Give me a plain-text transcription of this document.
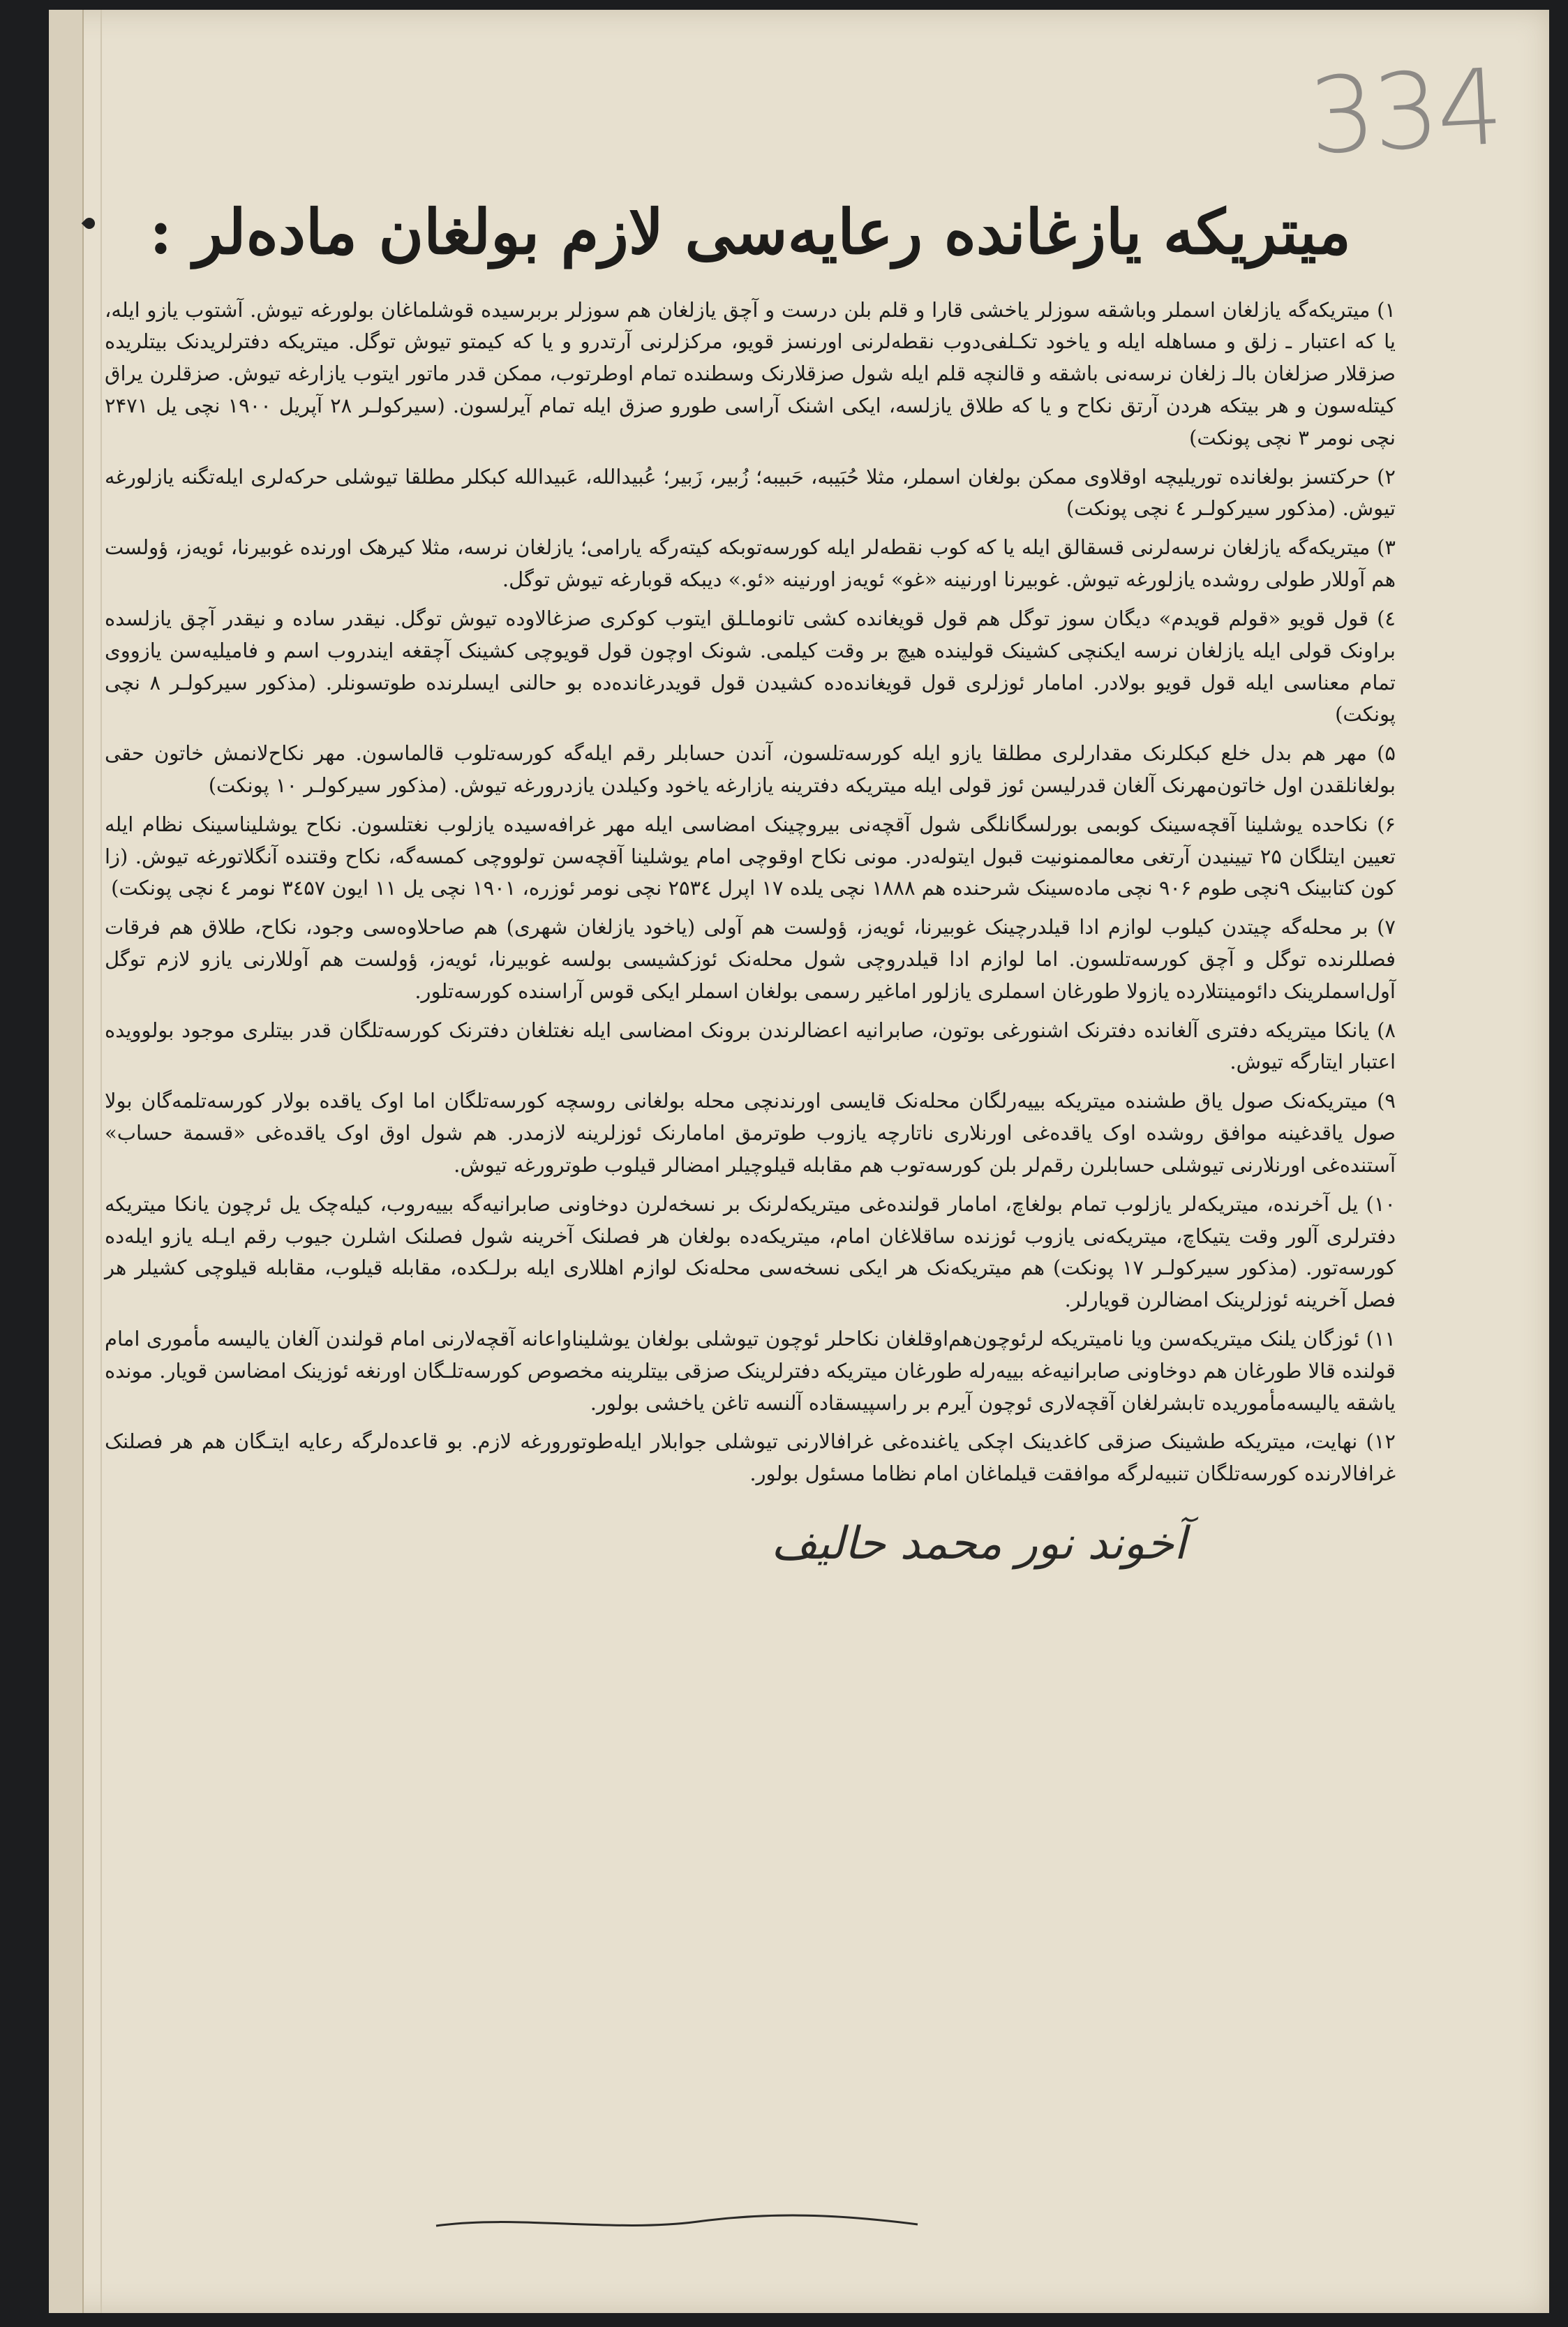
334
میتریکه یازغانده رعایه‌سی لازم بولغان ماده‌لر :

۱) میتریکه‌گه یازلغان اسملر وباشقه سوزلر یاخشی قارا و قلم بلن درست و آچق یازلغان هم سوزلر بربرسیده قوشلماغان بولورغه تیوش. آشتوب یازو ایله، یا که اعتبار ـ زلق و مساهله ایله و یاخود تکـلفی‌دوب نقطه‌لرنی اورنسز قویو، مرکزلرنی آرتدرو و یا که کیمتو تیوش توگل. میتریکه دفترلریدنک بیتلریده صزقلار صزلغان بالـ زلغان نرسه‌نی باشقه و قالنچه قلم ایله شول صزقلارنک وسطنده تمام اوطرتوب، ممکن قدر ماتور ایتوب یازارغه تیوش. صزقلرن یراق کیتله‌سون و هر بیتکه هردن آرتق نکاح و یا که طلاق یازلسه، ایکی اشنک آراسی طورو صزق ایله تمام آیرلسون. (سیرکولـر ۲۸ آپریل ۱۹۰۰ نچی یل ۲۴۷۱ نچی نومر ۳ نچی پونکت)

۲) حرکتسز بولغانده توریلیچه اوقلاوی ممکن بولغان اسملر، مثلا حُبَیبه، حَبیبه؛ زُبیر، زَبیر؛ عُبیدالله، عَبیدالله کبکلر مطلقا تیوشلی حرکه‌لری ایله‌تگنه یازلورغه تیوش. (مذکور سیرکولـر ٤ نچی پونکت)

۳) میتریکه‌گه یازلغان نرسه‌لرنی قسقالق ایله یا که کوب نقطه‌لر ایله کورسه‌توبکه کیته‌رگه یارامی؛ یازلغان نرسه، مثلا کیرهک اورنده غوبیرنا، ئویه‌ز، ؤولست هم آوللار طولی روشده یازلورغه تیوش. غوبیرنا اورنینه «غو» ئویه‌ز اورنینه «ئو.» دیبکه قوبارغه تیوش توگل.

٤) قول قویو «قولم قویدم» دیگان سوز توگل هم قول قویغانده کشی تانوماـلق ایتوب کوکری صزغالاوده تیوش توگل. نیقدر ساده و نیقدر آچق یازلسده براونک قولی ایله یازلغان نرسه ایکنچی کشینک قولینده هیچ بر وقت کیلمی. شونک اوچون قول قویوچی کشینک آچقغه ایندروب اسم و فامیلیه‌سن یازووی تمام معناسی ایله قول قویو بولادر. امامار ئوزلری قول قویغانده‌ده کشیدن قول قویدرغانده‌ده بو حالنی ایسلرنده طوتسونلر. (مذکور سیرکولـر ۸ نچی پونکت)

۵) مهر هم بدل خلع کبکلرنک مقدارلری مطلقا یازو ایله کورسه‌تلسون، آندن حسابلر رقم ایله‌گه کورسه‌تلوب قالماسون. مهر نکاح‌لانمش خاتون حقی بولغانلقدن اول خاتون‌مهرنک آلغان قدرلیسن ئوز قولی ایله میتریکه دفترینه یازارغه یاخود وکیلدن یازدرورغه تیوش. (مذکور سیرکولـر ۱۰ پونکت)

۶) نکاحده یوشلینا آقچه‌سینک کوبمی بورلسگانلگی شول آقچه‌نی بیروچینک امضاسی ایله مهر غرافه‌سیده یازلوب نغتلسون. نکاح یوشلیناسینک نظام ایله تعیین ایتلگان ۲۵ تیینیدن آرتغی معالممنونیت قبول ایتوله‌در. مونی نکاح اوقوچی امام یوشلینا آقچه‌سن تولووچی کمسه‌گه، نکاح وقتنده آنگلاتورغه تیوش. (زا کون کتابینک ۹نچی طوم ۹۰۶ نچی ماده‌سینک شرحنده هم ۱۸۸۸ نچی یلده ۱۷ اپرل ۲۵۳٤ نچی نومر ئوزره، ۱۹۰۱ نچی یل ۱۱ ایون ۳٤۵۷ نومر ٤ نچی پونکت)

۷) بر محله‌گه چیتدن کیلوب لوازم ادا قیلدرچینک غوبیرنا، ئویه‌ز، ؤولست هم آولی (یاخود یازلغان شهری) هم صاحلاوه‌سی وجود، نکاح، طلاق هم فرقات فصللرنده توگل و آچق کورسه‌تلسون. اما لوازم ادا قیلدروچی شول محله‌نک ئوزکشیسی بولسه غوبیرنا، ئویه‌ز، ؤولست هم آوللارنی یازو لازم توگل آول‌اسملرینک دائومینتلارده یازولا طورغان اسملری یازلور اماغیر رسمی بولغان اسملر ایکی قوس آراسنده کورسه‌تلور.

۸) یانکا میتریکه دفتری آلغانده دفترنک اشنورغی بوتون، صابرانیه اعضالرندن برونک امضاسی ایله نغتلغان دفترنک کورسه‌تلگان قدر بیتلری موجود بولوویده اعتبار ایتارگه تیوش.

۹) میتریکه‌نک صول یاق طشنده میتریکه بییه‌رلگان محله‌نک قایسی اورندنچی محله بولغانی روسچه کورسه‌تلگان اما اوک یاقده بولار کورسه‌تلمه‌گان بولا صول یاقدغینه موافق روشده اوک یاقده‌غی اورنلاری ناتارچه یازوب طوترمق امامارنک ئوزلرینه لازمدر. هم شول اوق اوک یاقده‌غی «قسمة حساب» آستنده‌غی اورنلارنی تیوشلی حسابلرن رقم‌لر بلن کورسه‌توب هم مقابله قیلوچیلر امضالر قیلوب طوترورغه تیوش.

۱۰) یل آخرنده، میتریکه‌لر یازلوب تمام بولغاچ، امامار قولنده‌غی میتریکه‌لرنک بر نسخه‌لرن دوخاونی صابرانیه‌گه بییه‌روب، کیله‌چک یل ئرچون یانکا میتریکه دفترلری آلور وقت یتیکاچ، میتریکه‌نی یازوب ئوزنده ساقلاغان امام، میتریکه‌ده بولغان هر فصلنک آخرینه شول فصلنک اشلرن جیوب رقم ایـله یازو ایله‌ده کورسه‌تور. (مذکور سیرکولـر ۱۷ پونکت) هم میتریکه‌نک هر ایکی نسخه‌سی محله‌نک لوازم اهللاری ایله برلـکده، مقابله قیلوب، مقابله قیلوچی کشیلر هر فصل آخرینه ئوزلرینک امضالرن قویارلر.

۱۱) ئوزگان یلنک میتریکه‌سن ویا نامیتریکه لرئوچون‌هم‌اوقلغان نکاحلر ئوچون تیوشلی بولغان یوشلیناواعانه آقچه‌لارنی امام قولندن آلغان یالیسه مأموری امام قولنده قالا طورغان هم دوخاونی صابرانیه‌غه بییه‌رله طورغان میتریکه دفترلرینک صزقی بیتلرینه مخصوص کورسه‌تلـگان اورنغه ئوزینک امضاسن قویار. مونده یاشقه یالیسه‌مأموریده تابشرلغان آقچه‌لاری ئوچون آیرم بر راسپیسقاده آلنسه تاغن یاخشی بولور.

۱۲) نهایت، میتریکه طشینک صزقی کاغدینک اچکی یاغنده‌غی غرافالارنی تیوشلی جوابلار ایله‌طوتورورغه لازم. بو قاعده‌لرگه رعایه ایتـگان هم هر فصلنک غرافالارنده کورسه‌تلگان تنبیه‌لرگه موافقت قیلماغان امام نظاما مسئول بولور.

آخوند نور محمد حالیف
